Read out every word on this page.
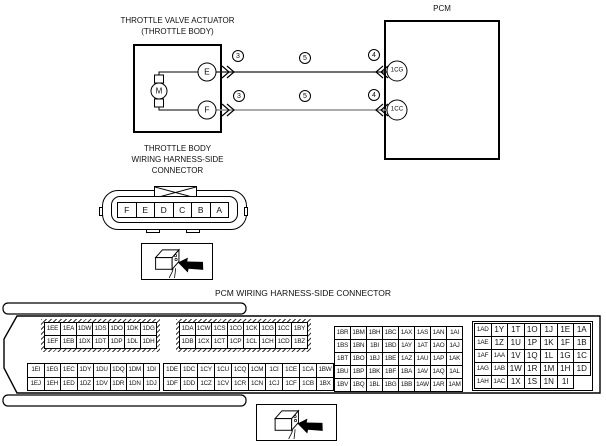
THROTTLE VALVE ACTUATOR
(THROTTLE BODY)
PCM
M
E
F
1CG
1CC
3	5	4
3	5	4
THROTTLE BODY
WIRING HARNESS-SIDE
CONNECTOR
F	E	D	C	B	A
PCM WIRING HARNESS-SIDE CONNECTOR
1EE 1EA 1DW 1DS 1DO 1DK 1DG
1EF 1EB 1DX 1DT 1DP 1DL 1DH
1DA 1CW 1CS 1CO 1CK 1CG 1CC 1BY
1DB 1CX 1CT 1CP 1CL 1CH 1CD 1BZ
1EI 1EG 1EC 1DY 1DU 1DQ 1DM 1DI
1EJ 1EH 1ED 1DZ 1DV 1DR 1DN 1DJ
1DE 1DC 1CY 1CU 1CQ 1CM 1CI	1CE 1CA 1BW
1DF 1DD 1CZ 1CV 1CR 1CN 1CJ 1CF 1CB 1BX
1BR 1BM 1BH 1BC 1AX 1AS 1AN 1AI
1BS 1BN 1BI 1BD 1AY 1AT 1AO 1AJ
1BT 1BO 1BJ 1BE 1AZ 1AU 1AP 1AK
1BU 1BP 1BK 1BF 1BA 1AV 1AQ 1AL
1BV 1BQ 1BL 1BG 1BB 1AW 1AR 1AM
1AD 1Y 1T 1O 1J 1E 1A
1AE 1Z 1U 1P 1K 1F 1B
1AF 1AA 1V 1Q 1L 1G 1C
1AG 1AB 1W 1R 1M 1H 1D
1AH 1AC 1X 1S 1N	1I
